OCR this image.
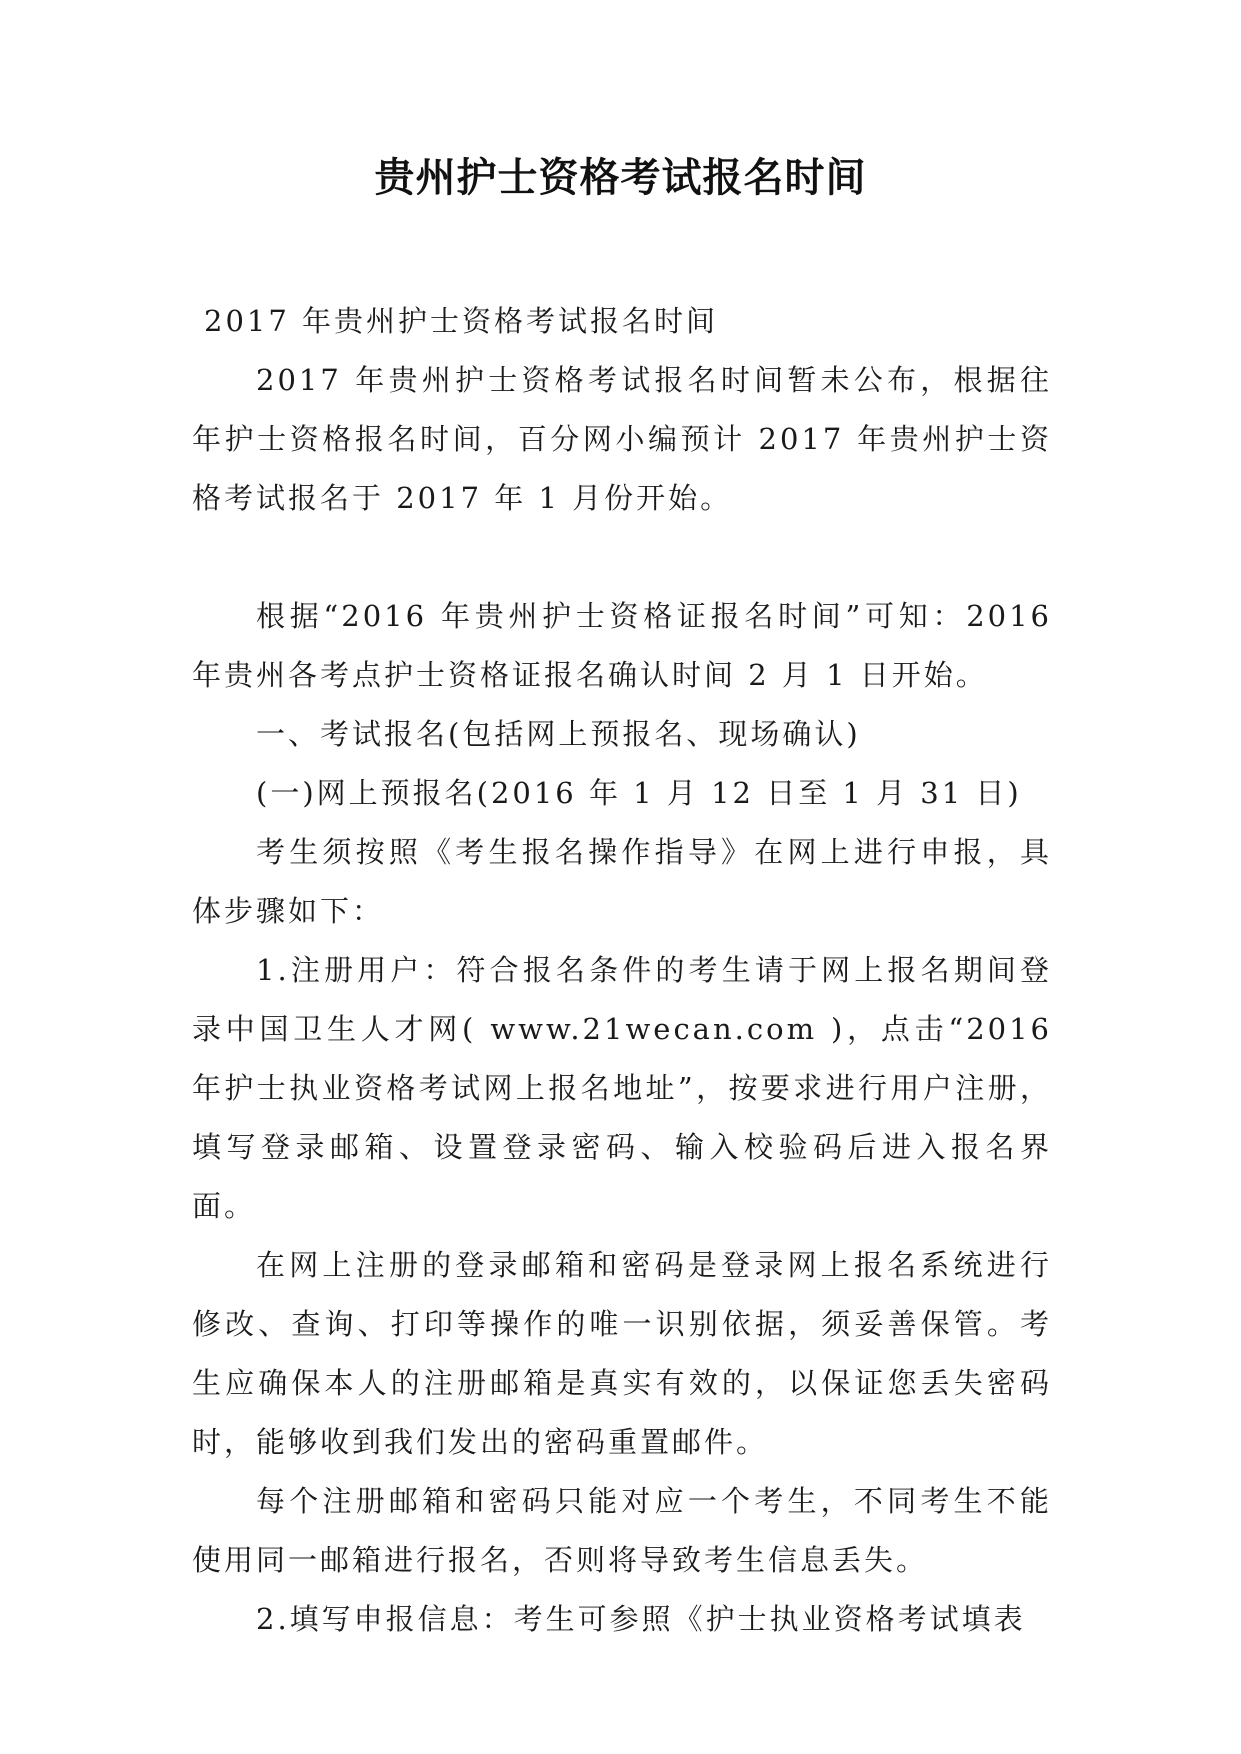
贵州护士资格考试报名时间

2017 年贵州护士资格考试报名时间

2017 年贵州护士资格考试报名时间暂未公布，根据往年护士资格报名时间，百分网小编预计 2017 年贵州护士资格考试报名于 2017 年 1 月份开始。

根据“2016 年贵州护士资格证报名时间”可知：2016 年贵州各考点护士资格证报名确认时间 2 月 1 日开始。

一、考试报名(包括网上预报名、现场确认)

(一)网上预报名(2016 年 1 月 12 日至 1 月 31 日)

考生须按照《考生报名操作指导》在网上进行申报，具体步骤如下：

1.注册用户：符合报名条件的考生请于网上报名期间登录中国卫生人才网( www.21wecan.com )，点击“2016 年护士执业资格考试网上报名地址”，按要求进行用户注册，填写登录邮箱、设置登录密码、输入校验码后进入报名界面。

在网上注册的登录邮箱和密码是登录网上报名系统进行修改、查询、打印等操作的唯一识别依据，须妥善保管。考生应确保本人的注册邮箱是真实有效的，以保证您丢失密码时，能够收到我们发出的密码重置邮件。

每个注册邮箱和密码只能对应一个考生，不同考生不能使用同一邮箱进行报名，否则将导致考生信息丢失。

2.填写申报信息：考生可参照《护士执业资格考试填表
